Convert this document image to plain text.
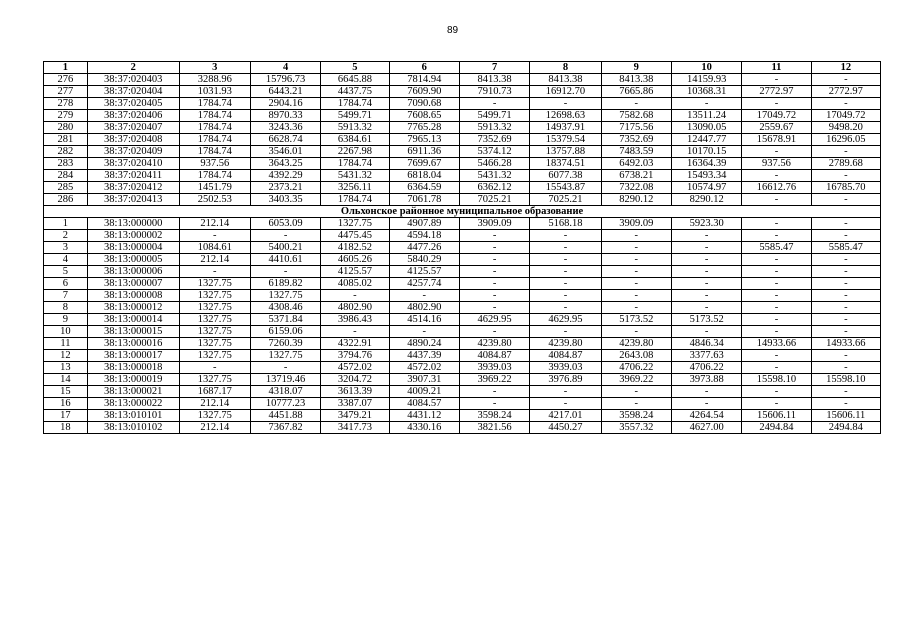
89
1	2	3	4	5	6	7	8	9	10	11	12
276	38:37:020403	3288.96	15796.73	6645.88	7814.94	8413.38	8413.38	8413.38	14159.93	-	-
277	38:37:020404	1031.93	6443.21	4437.75	7609.90	7910.73	16912.70	7665.86	10368.31	2772.97	2772.97
278	38:37:020405	1784.74	2904.16	1784.74	7090.68	-	-	-	-	-	-
279	38:37:020406	1784.74	8970.33	5499.71	7608.65	5499.71	12698.63	7582.68	13511.24	17049.72	17049.72
280	38:37:020407	1784.74	3243.36	5913.32	7765.28	5913.32	14937.91	7175.56	13090.05	2559.67	9498.20
281	38:37:020408	1784.74	6628.74	6384.61	7965.13	7352.69	15379.54	7352.69	12447.77	15678.91	16296.05
282	38:37:020409	1784.74	3546.01	2267.98	6911.36	5374.12	13757.88	7483.59	10170.15	-	-
283	38:37:020410	937.56	3643.25	1784.74	7699.67	5466.28	18374.51	6492.03	16364.39	937.56	2789.68
284	38:37:020411	1784.74	4392.29	5431.32	6818.04	5431.32	6077.38	6738.21	15493.34	-	-
285	38:37:020412	1451.79	2373.21	3256.11	6364.59	6362.12	15543.87	7322.08	10574.97	16612.76	16785.70
286	38:37:020413	2502.53	3403.35	1784.74	7061.78	7025.21	7025.21	8290.12	8290.12	-	-
Ольхонское районное муниципальное образование											
1	38:13:000000	212.14	6053.09	1327.75	4907.89	3909.09	5168.18	3909.09	5923.30	-	-
2	38:13:000002	-	-	4475.45	4594.18	-	-	-	-	-	-
3	38:13:000004	1084.61	5400.21	4182.52	4477.26	-	-	-	-	5585.47	5585.47
4	38:13:000005	212.14	4410.61	4605.26	5840.29	-	-	-	-	-	-
5	38:13:000006	-	-	4125.57	4125.57	-	-	-	-	-	-
6	38:13:000007	1327.75	6189.82	4085.02	4257.74	-	-	-	-	-	-
7	38:13:000008	1327.75	1327.75	-	-	-	-	-	-	-	-
8	38:13:000012	1327.75	4308.46	4802.90	4802.90	-	-	-	-	-	-
9	38:13:000014	1327.75	5371.84	3986.43	4514.16	4629.95	4629.95	5173.52	5173.52	-	-
10	38:13:000015	1327.75	6159.06	-	-	-	-	-	-	-	-
11	38:13:000016	1327.75	7260.39	4322.91	4890.24	4239.80	4239.80	4239.80	4846.34	14933.66	14933.66
12	38:13:000017	1327.75	1327.75	3794.76	4437.39	4084.87	4084.87	2643.08	3377.63	-	-
13	38:13:000018	-	-	4572.02	4572.02	3939.03	3939.03	4706.22	4706.22	-	-
14	38:13:000019	1327.75	13719.46	3204.72	3907.31	3969.22	3976.89	3969.22	3973.88	15598.10	15598.10
15	38:13:000021	1687.17	4318.07	3613.39	4009.21	-	-	-	-	-	-
16	38:13:000022	212.14	10777.23	3387.07	4084.57	-	-	-	-	-	-
17	38:13:010101	1327.75	4451.88	3479.21	4431.12	3598.24	4217.01	3598.24	4264.54	15606.11	15606.11
18	38:13:010102	212.14	7367.82	3417.73	4330.16	3821.56	4450.27	3557.32	4627.00	2494.84	2494.84
